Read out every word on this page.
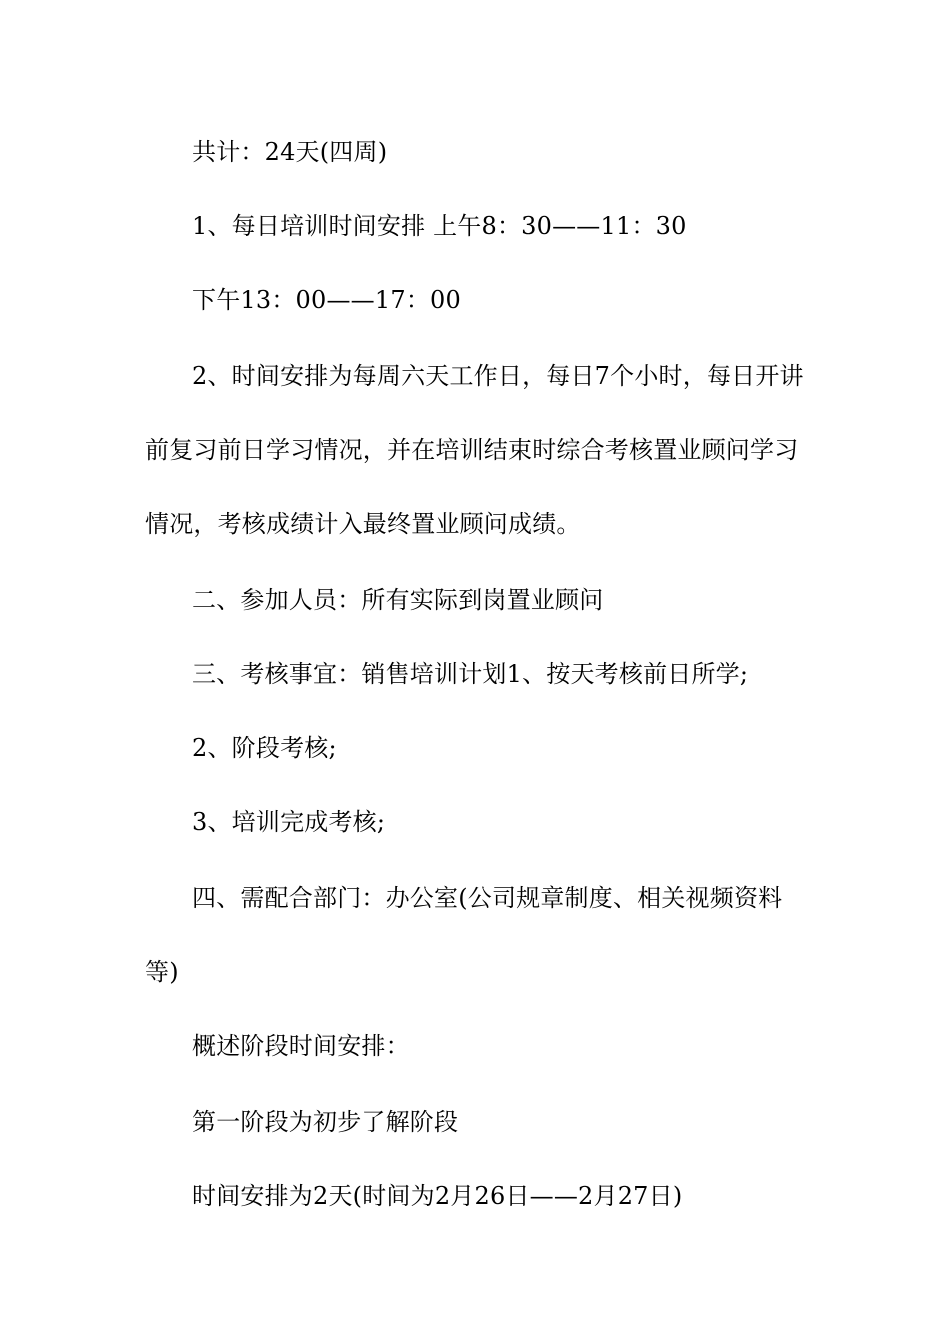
共计：24天(四周)
1、每日培训时间安排 上午8：30——11：30
下午13：00——17：00
2、时间安排为每周六天工作日，每日7个小时，每日开讲
前复习前日学习情况，并在培训结束时综合考核置业顾问学习
情况，考核成绩计入最终置业顾问成绩。
二、参加人员：所有实际到岗置业顾问
三、考核事宜：销售培训计划1、按天考核前日所学;
2、阶段考核;
3、培训完成考核;
四、需配合部门：办公室(公司规章制度、相关视频资料
等)
概述阶段时间安排：
第一阶段为初步了解阶段
时间安排为2天(时间为2月26日——2月27日)
